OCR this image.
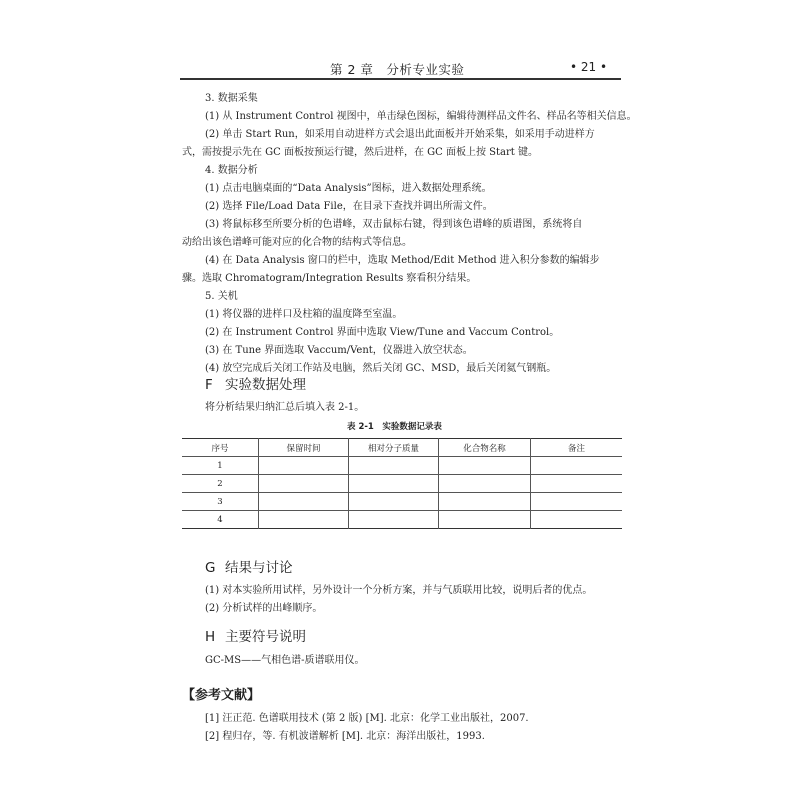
第 2 章　分析专业实验	• 21 •
3. 数据采集
(1) 从 Instrument Control 视图中，单击绿色图标，编辑待测样品文件名、样品名等相关信息。
(2) 单击 Start Run，如采用自动进样方式会退出此面板并开始采集，如采用手动进样方
式，需按提示先在 GC 面板按预运行键，然后进样，在 GC 面板上按 Start 键。
4. 数据分析
(1) 点击电脑桌面的“Data Analysis”图标，进入数据处理系统。
(2) 选择 File/Load Data File，在目录下查找并调出所需文件。
(3) 将鼠标移至所要分析的色谱峰，双击鼠标右键，得到该色谱峰的质谱图，系统将自
动给出该色谱峰可能对应的化合物的结构式等信息。
(4) 在 Data Analysis 窗口的栏中，选取 Method/Edit Method 进入积分参数的编辑步
骤。选取 Chromatogram/Integration Results 察看积分结果。
5. 关机
(1) 将仪器的进样口及柱箱的温度降至室温。
(2) 在 Instrument Control 界面中选取 View/Tune and Vaccum Control。
(3) 在 Tune 界面选取 Vaccum/Vent，仪器进入放空状态。
(4) 放空完成后关闭工作站及电脑，然后关闭 GC、MSD，最后关闭氦气钢瓶。
F 实验数据处理
将分析结果归纳汇总后填入表 2-1。
表 2-1　实验数据记录表
序号	保留时间	相对分子质量	化合物名称	备注
1				
2				
3				
4				
G 结果与讨论
(1) 对本实验所用试样，另外设计一个分析方案，并与气质联用比较，说明后者的优点。
(2) 分析试样的出峰顺序。
H 主要符号说明
GC-MS——气相色谱-质谱联用仪。
【参考文献】
[1] 汪正范. 色谱联用技术 (第 2 版) [M]. 北京：化学工业出版社，2007.
[2] 程归存，等. 有机波谱解析 [M]. 北京：海洋出版社，1993.
